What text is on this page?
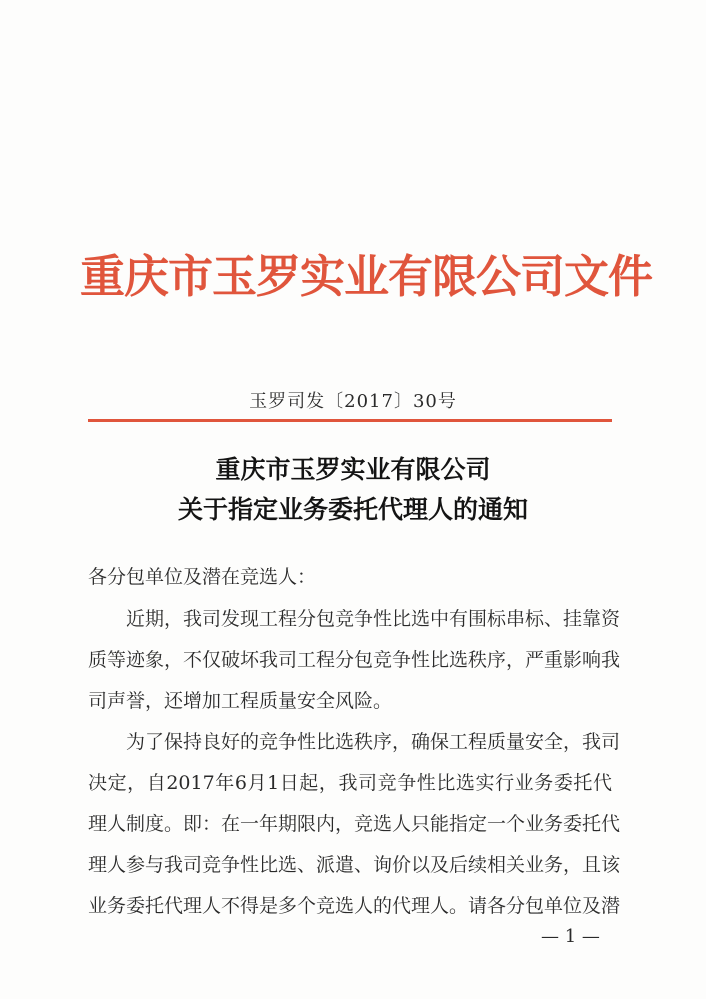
重庆市玉罗实业有限公司文件
玉罗司发〔2017〕30号
重庆市玉罗实业有限公司
关于指定业务委托代理人的通知
各分包单位及潜在竞选人：
近期，我司发现工程分包竞争性比选中有围标串标、挂靠资
质等迹象，不仅破坏我司工程分包竞争性比选秩序，严重影响我
司声誉，还增加工程质量安全风险。
为了保持良好的竞争性比选秩序，确保工程质量安全，我司
决定，自2017年6月1日起，我司竞争性比选实行业务委托代
理人制度。即：在一年期限内，竞选人只能指定一个业务委托代
理人参与我司竞争性比选、派遣、询价以及后续相关业务，且该
业务委托代理人不得是多个竞选人的代理人。请各分包单位及潜
— 1 —
